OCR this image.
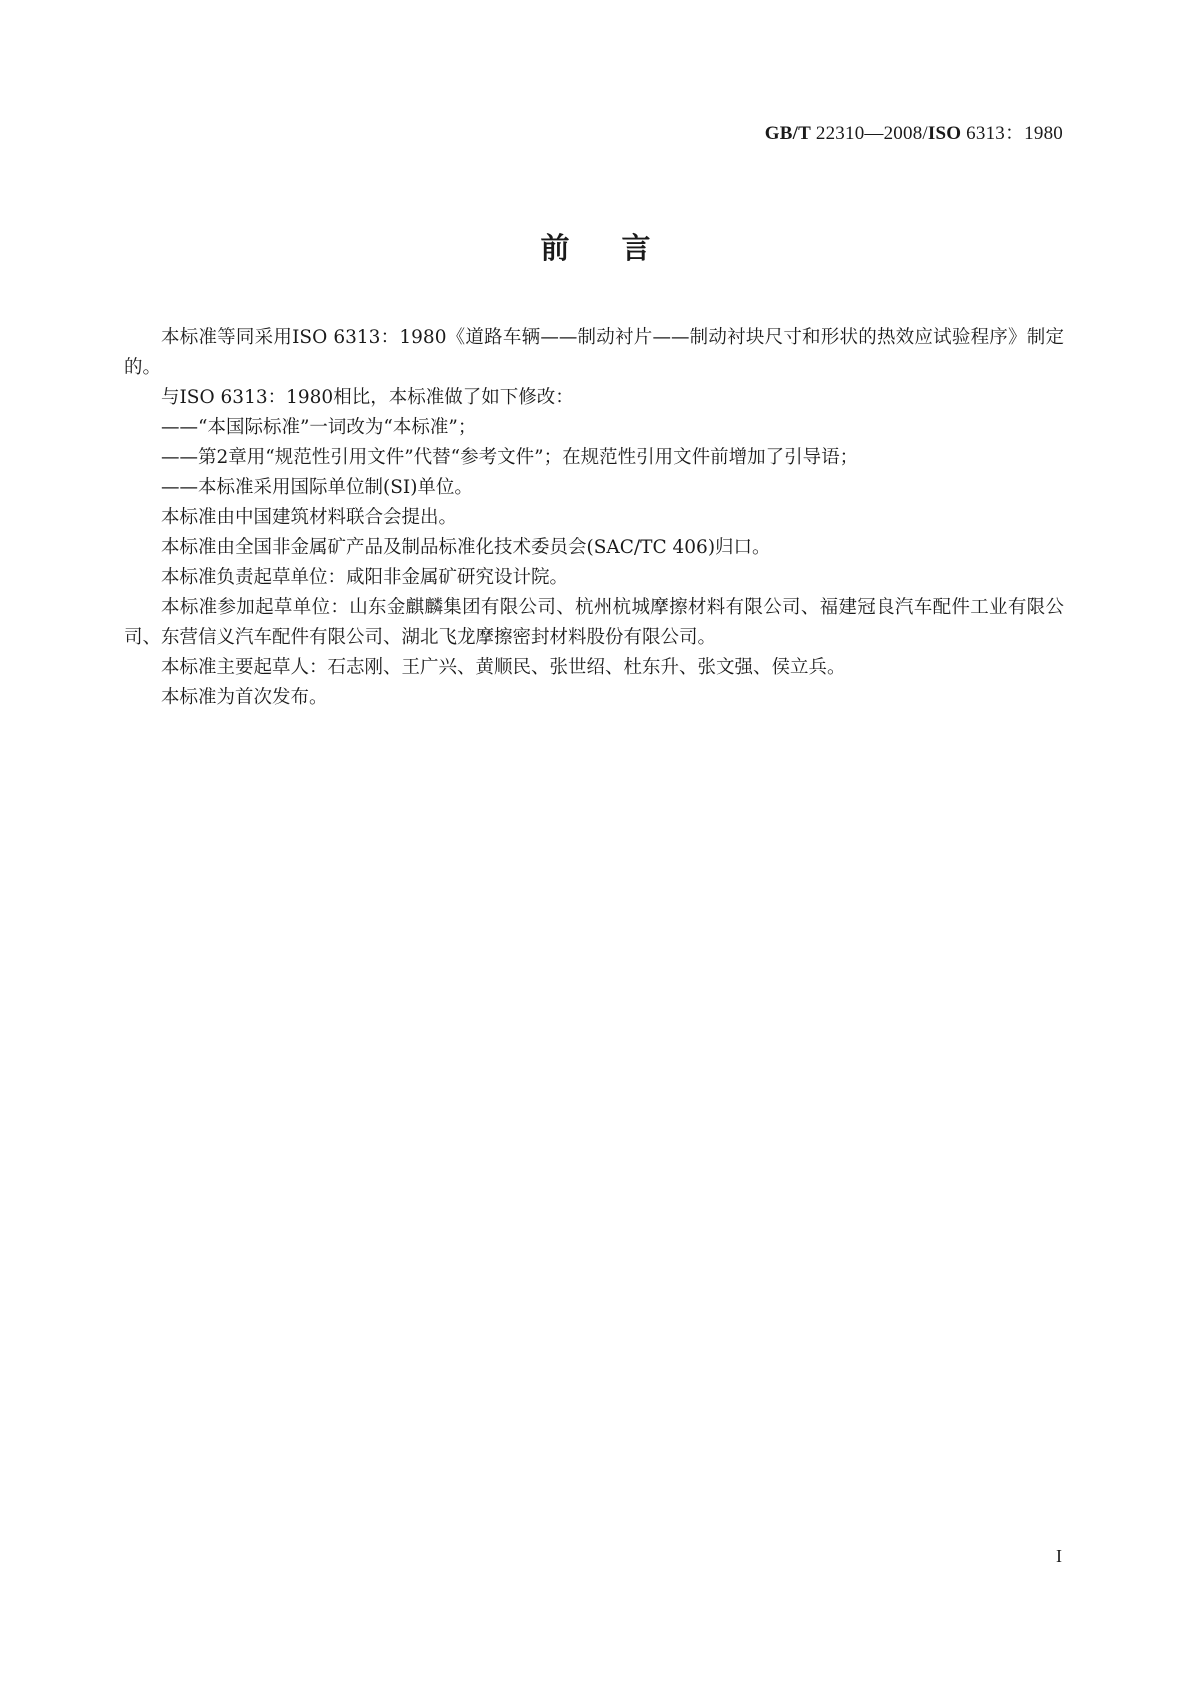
GB/T 22310—2008/ISO 6313：1980
前言

本标准等同采用ISO 6313：1980《道路车辆——制动衬片——制动衬块尺寸和形状的热效应试验程序》制定的。

与ISO 6313：1980相比，本标准做了如下修改：

——“本国际标准”一词改为“本标准”；

——第2章用“规范性引用文件”代替“参考文件”；在规范性引用文件前增加了引导语；

——本标准采用国际单位制(SI)单位。

本标准由中国建筑材料联合会提出。

本标准由全国非金属矿产品及制品标准化技术委员会(SAC/TC 406)归口。

本标准负责起草单位：咸阳非金属矿研究设计院。

本标准参加起草单位：山东金麒麟集团有限公司、杭州杭城摩擦材料有限公司、福建冠良汽车配件工业有限公司、东营信义汽车配件有限公司、湖北飞龙摩擦密封材料股份有限公司。

本标准主要起草人：石志刚、王广兴、黄顺民、张世绍、杜东升、张文强、侯立兵。

本标准为首次发布。

I
